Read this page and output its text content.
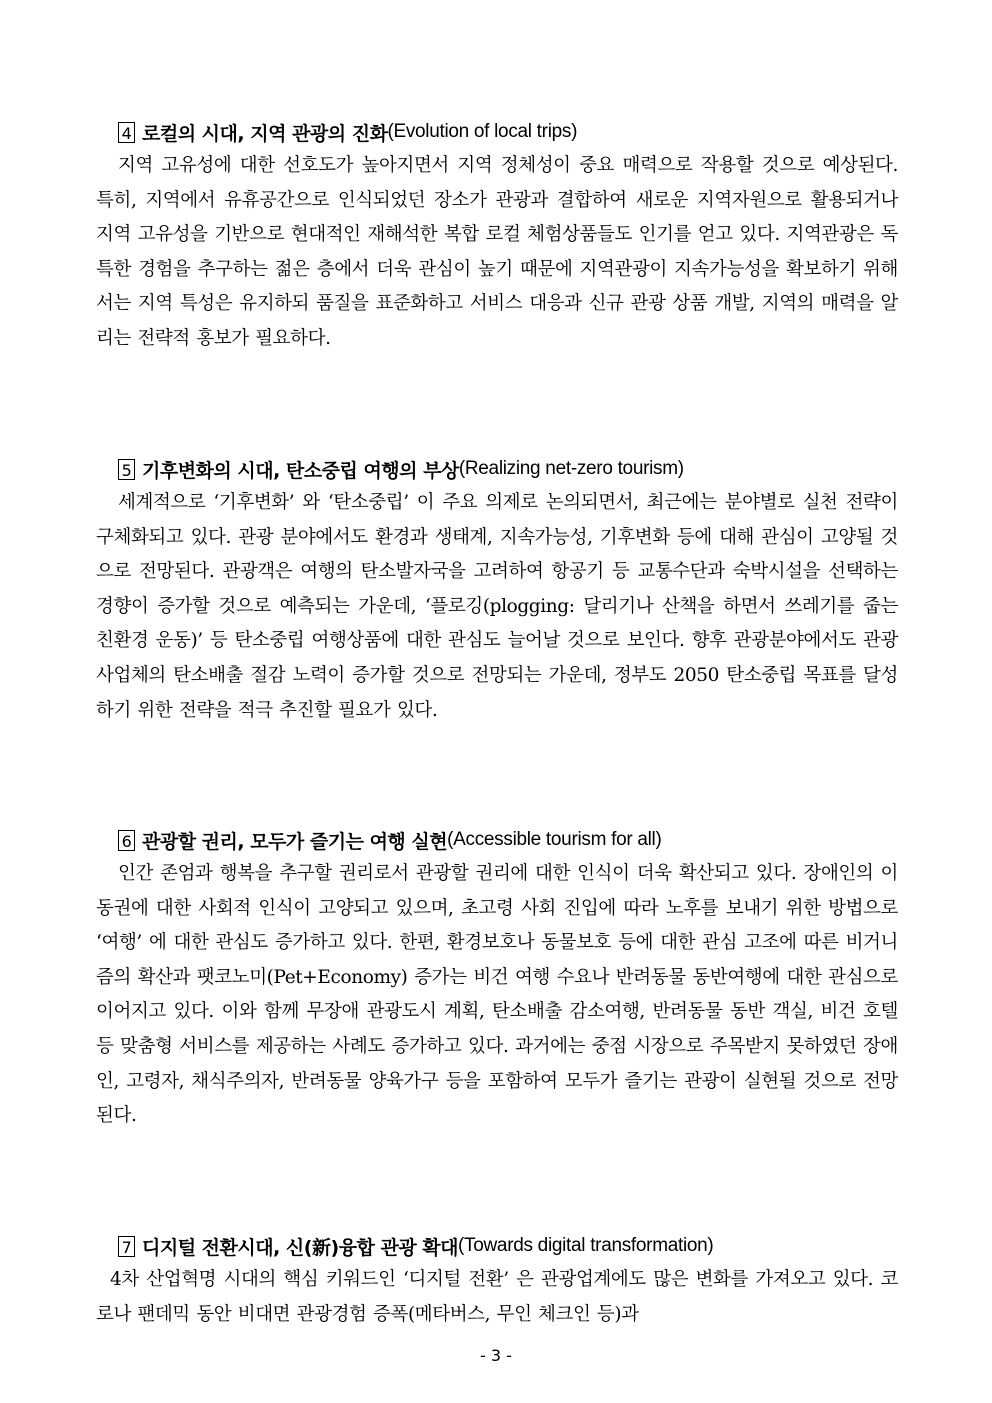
4 로컬의 시대, 지역 관광의 진화 (Evolution of local trips)

지역 고유성에 대한 선호도가 높아지면서 지역 정체성이 중요 매력으로 작용할 것으로 예상된다. 특히, 지역에서 유휴공간으로 인식되었던 장소가 관광과 결합하여 새로운 지역자원으로 활용되거나 지역 고유성을 기반으로 현대적인 재해석한 복합 로컬 체험상품들도 인기를 얻고 있다. 지역관광은 독특한 경험을 추구하는 젊은 층에서 더욱 관심이 높기 때문에 지역관광이 지속가능성을 확보하기 위해서는 지역 특성은 유지하되 품질을 표준화하고 서비스 대응과 신규 관광 상품 개발, 지역의 매력을 알리는 전략적 홍보가 필요하다.

5 기후변화의 시대, 탄소중립 여행의 부상 (Realizing net-zero tourism)

세계적으로 ‘기후변화’ 와 ‘탄소중립’ 이 주요 의제로 논의되면서, 최근에는 분야별로 실천 전략이 구체화되고 있다. 관광 분야에서도 환경과 생태계, 지속가능성, 기후변화 등에 대해 관심이 고양될 것으로 전망된다. 관광객은 여행의 탄소발자국을 고려하여 항공기 등 교통수단과 숙박시설을 선택하는 경향이 증가할 것으로 예측되는 가운데, ‘플로깅(plogging: 달리기나 산책을 하면서 쓰레기를 줍는 친환경 운동)’ 등 탄소중립 여행상품에 대한 관심도 늘어날 것으로 보인다. 향후 관광분야에서도 관광사업체의 탄소배출 절감 노력이 증가할 것으로 전망되는 가운데, 정부도 2050 탄소중립 목표를 달성하기 위한 전략을 적극 추진할 필요가 있다.

6 관광할 권리, 모두가 즐기는 여행 실현 (Accessible tourism for all)

인간 존엄과 행복을 추구할 권리로서 관광할 권리에 대한 인식이 더욱 확산되고 있다. 장애인의 이동권에 대한 사회적 인식이 고양되고 있으며, 초고령 사회 진입에 따라 노후를 보내기 위한 방법으로 ‘여행’ 에 대한 관심도 증가하고 있다. 한편, 환경보호나 동물보호 등에 대한 관심 고조에 따른 비거니즘의 확산과 팻코노미(Pet+Economy) 증가는 비건 여행 수요나 반려동물 동반여행에 대한 관심으로 이어지고 있다. 이와 함께 무장애 관광도시 계획, 탄소배출 감소여행, 반려동물 동반 객실, 비건 호텔 등 맞춤형 서비스를 제공하는 사례도 증가하고 있다. 과거에는 중점 시장으로 주목받지 못하였던 장애인, 고령자, 채식주의자, 반려동물 양육가구 등을 포함하여 모두가 즐기는 관광이 실현될 것으로 전망된다.

7 디지털 전환시대, 신(新)융합 관광 확대 (Towards digital transformation)

4차 산업혁명 시대의 핵심 키워드인 ‘디지털 전환’ 은 관광업계에도 많은 변화를 가져오고 있다. 코로나 팬데믹 동안 비대면 관광경험 증폭(메타버스, 무인 체크인 등)과

- 3 -
